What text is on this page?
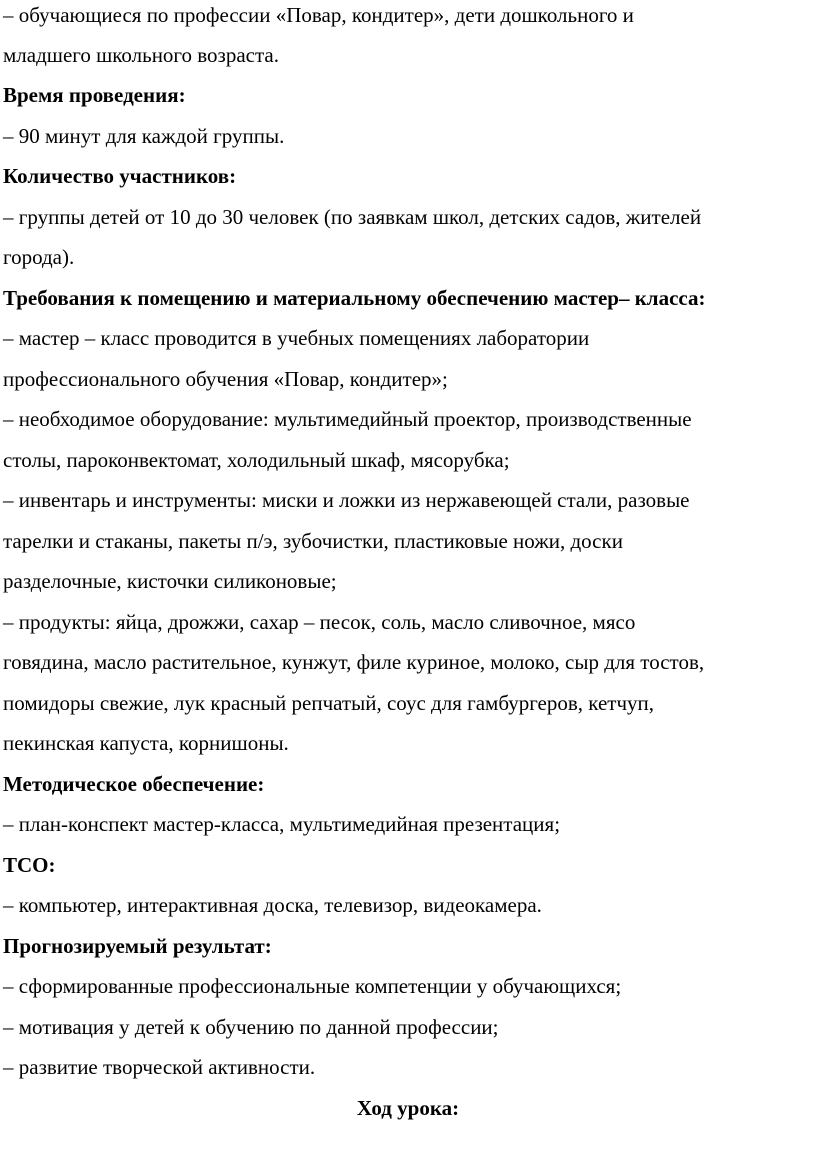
– обучающиеся по профессии «Повар, кондитер», дети дошкольного и
младшего школьного возраста.
Время проведения:
– 90 минут для каждой группы.
Количество участников:
– группы детей от 10 до 30 человек (по заявкам школ, детских садов, жителей
города).
Требования к помещению и материальному обеспечению мастер– класса:
– мастер – класс проводится в учебных помещениях лаборатории
профессионального обучения «Повар, кондитер»;
– необходимое оборудование: мультимедийный проектор, производственные
столы, пароконвектомат, холодильный шкаф, мясорубка;
– инвентарь и инструменты: миски и ложки из нержавеющей стали, разовые
тарелки и стаканы, пакеты п/э, зубочистки, пластиковые ножи, доски
разделочные, кисточки силиконовые;
– продукты: яйца, дрожжи, сахар – песок, соль, масло сливочное, мясо
говядина, масло растительное, кунжут, филе куриное, молоко, сыр для тостов,
помидоры свежие, лук красный репчатый, соус для гамбургеров, кетчуп,
пекинская капуста, корнишоны.
Методическое обеспечение:
– план-конспект мастер-класса, мультимедийная презентация;
ТСО:
– компьютер, интерактивная доска, телевизор, видеокамера.
Прогнозируемый результат:
– сформированные профессиональные компетенции у обучающихся;
– мотивация у детей к обучению по данной профессии;
– развитие творческой активности.
Ход урока:
